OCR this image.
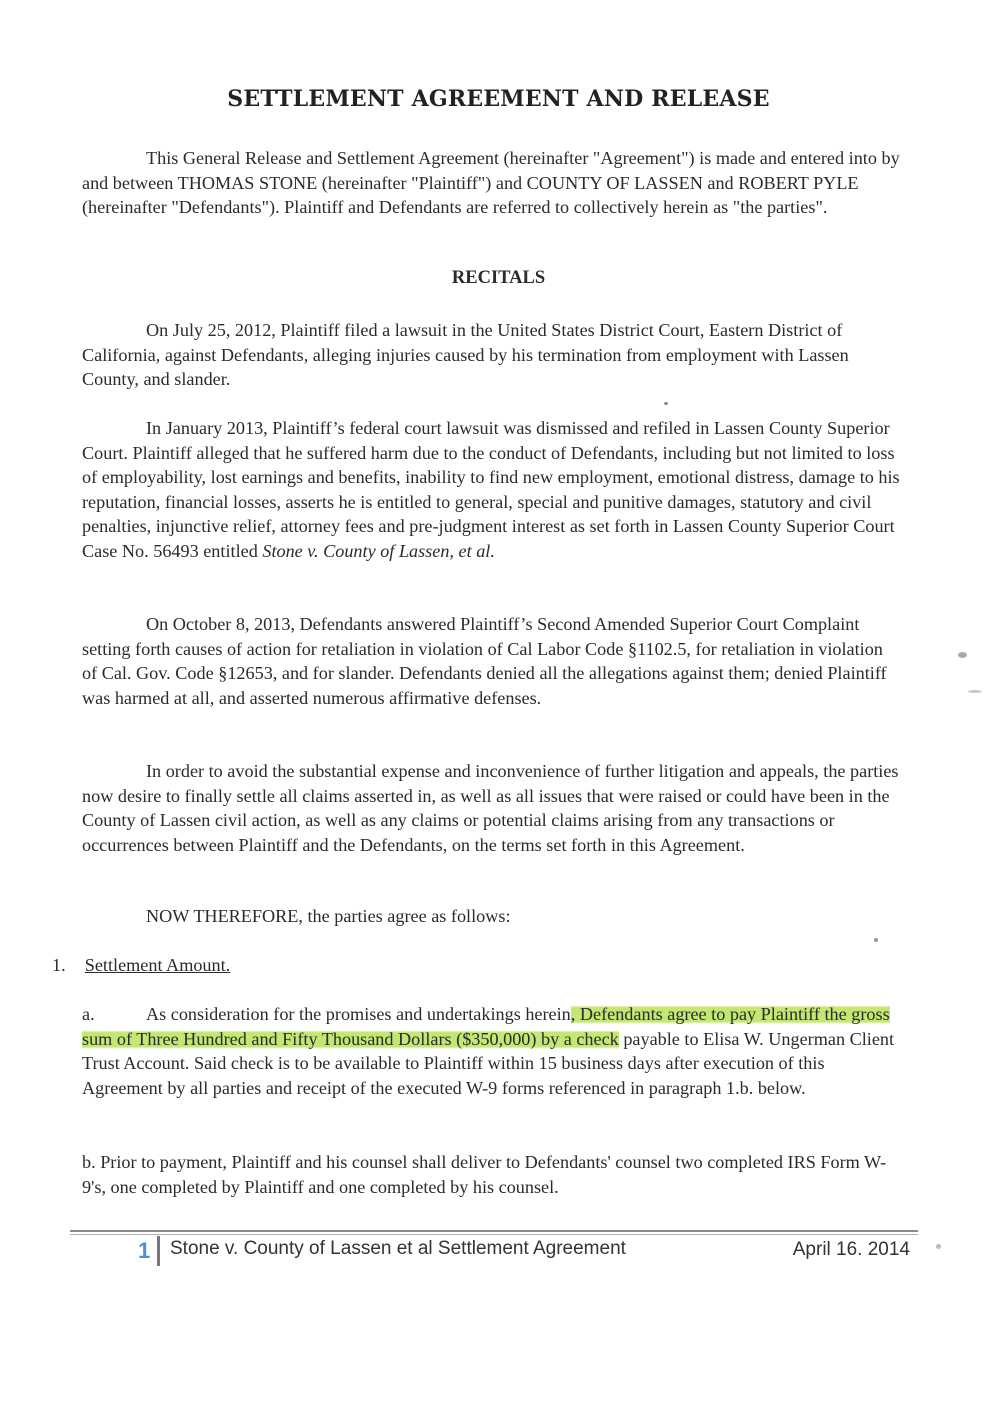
SETTLEMENT AGREEMENT AND RELEASE

This General Release and Settlement Agreement (hereinafter "Agreement") is made and entered into by and between THOMAS STONE (hereinafter "Plaintiff") and COUNTY OF LASSEN and ROBERT PYLE (hereinafter "Defendants"). Plaintiff and Defendants are referred to collectively herein as "the parties".

RECITALS

On July 25, 2012, Plaintiff filed a lawsuit in the United States District Court, Eastern District of California, against Defendants, alleging injuries caused by his termination from employment with Lassen County, and slander.

In January 2013, Plaintiff’s federal court lawsuit was dismissed and refiled in Lassen County Superior Court. Plaintiff alleged that he suffered harm due to the conduct of Defendants, including but not limited to loss of employability, lost earnings and benefits, inability to find new employment, emotional distress, damage to his reputation, financial losses, asserts he is entitled to general, special and punitive damages, statutory and civil penalties, injunctive relief, attorney fees and pre-judgment interest as set forth in Lassen County Superior Court Case No. 56493 entitled Stone v. County of Lassen, et al.

On October 8, 2013, Defendants answered Plaintiff’s Second Amended Superior Court Complaint setting forth causes of action for retaliation in violation of Cal Labor Code §1102.5, for retaliation in violation of Cal. Gov. Code §12653, and for slander. Defendants denied all the allegations against them; denied Plaintiff was harmed at all, and asserted numerous affirmative defenses.

In order to avoid the substantial expense and inconvenience of further litigation and appeals, the parties now desire to finally settle all claims asserted in, as well as all issues that were raised or could have been in the County of Lassen civil action, as well as any claims or potential claims arising from any transactions or occurrences between Plaintiff and the Defendants, on the terms set forth in this Agreement.

NOW THEREFORE, the parties agree as follows:

1. Settlement Amount.

a.	As consideration for the promises and undertakings herein, Defendants agree to pay Plaintiff the gross sum of Three Hundred and Fifty Thousand Dollars ($350,000) by a check payable to Elisa W. Ungerman Client Trust Account. Said check is to be available to Plaintiff within 15 business days after execution of this Agreement by all parties and receipt of the executed W-9 forms referenced in paragraph 1.b. below.

b. Prior to payment, Plaintiff and his counsel shall deliver to Defendants' counsel two completed IRS Form W-9's, one completed by Plaintiff and one completed by his counsel.

1 Stone v. County of Lassen et al Settlement Agreement	April 16. 2014
